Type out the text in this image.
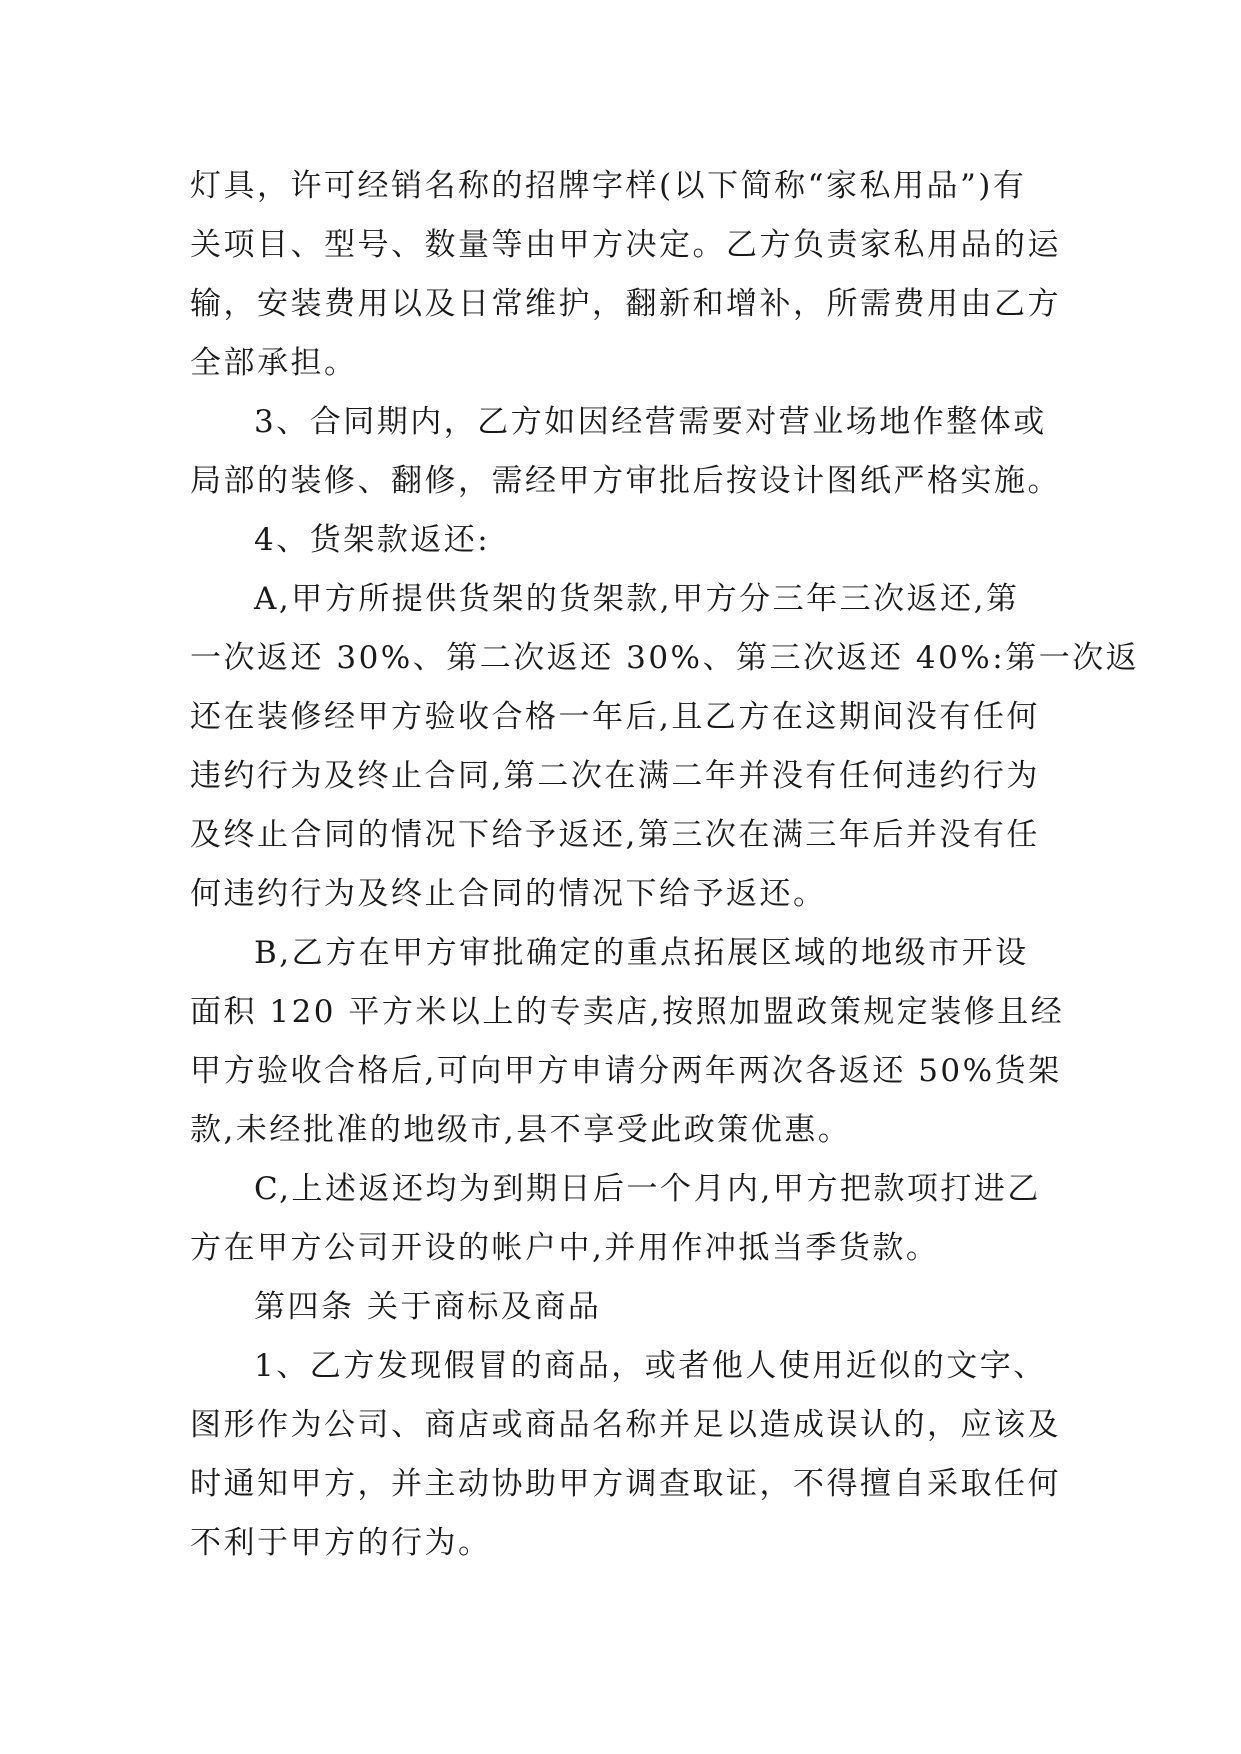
灯具，许可经销名称的招牌字样(以下简称“家私用品”)有
关项目、型号、数量等由甲方决定。乙方负责家私用品的运
输，安装费用以及日常维护，翻新和增补，所需费用由乙方
全部承担。
3、合同期内，乙方如因经营需要对营业场地作整体或
局部的装修、翻修，需经甲方审批后按设计图纸严格实施。
4、货架款返还:
A,甲方所提供货架的货架款,甲方分三年三次返还,第
一次返还 30%、第二次返还 30%、第三次返还 40%:第一次返
还在装修经甲方验收合格一年后,且乙方在这期间没有任何
违约行为及终止合同,第二次在满二年并没有任何违约行为
及终止合同的情况下给予返还,第三次在满三年后并没有任
何违约行为及终止合同的情况下给予返还。
B,乙方在甲方审批确定的重点拓展区域的地级市开设
面积 120 平方米以上的专卖店,按照加盟政策规定装修且经
甲方验收合格后,可向甲方申请分两年两次各返还 50%货架
款,未经批准的地级市,县不享受此政策优惠。
C,上述返还均为到期日后一个月内,甲方把款项打进乙
方在甲方公司开设的帐户中,并用作冲抵当季货款。
第四条 关于商标及商品
1、乙方发现假冒的商品，或者他人使用近似的文字、
图形作为公司、商店或商品名称并足以造成误认的，应该及
时通知甲方，并主动协助甲方调查取证，不得擅自采取任何
不利于甲方的行为。
